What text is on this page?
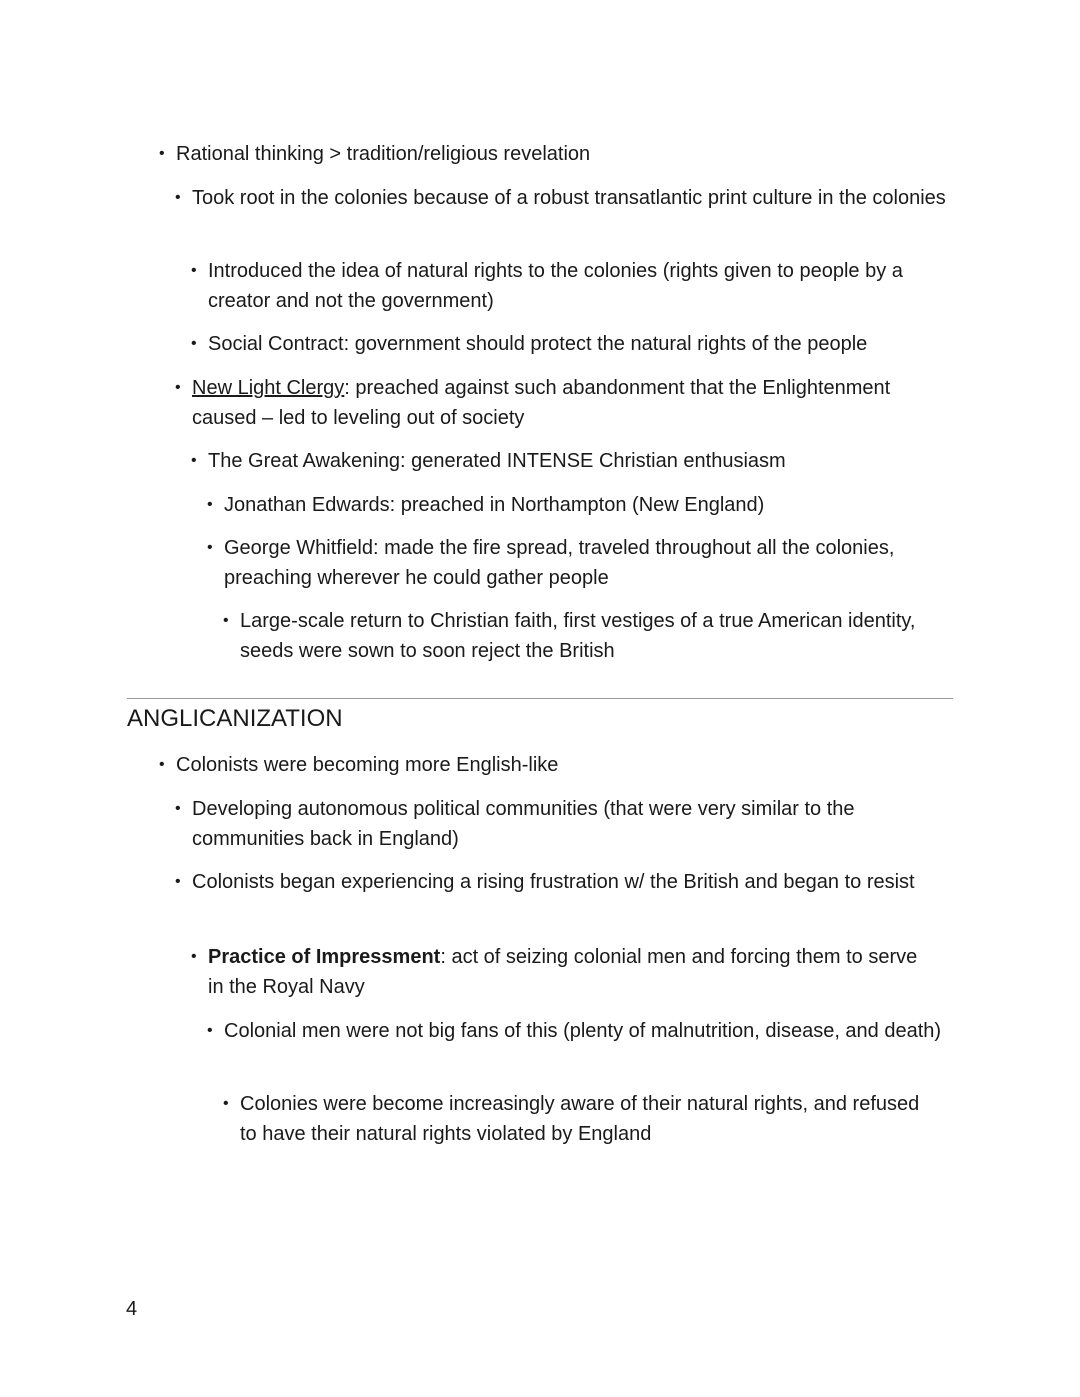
• Rational thinking > tradition/religious revelation
• Took root in the colonies because of a robust transatlantic print culture in the colonies
• Introduced the idea of natural rights to the colonies (rights given to people by a creator and not the government)
• Social Contract: government should protect the natural rights of the people
• New Light Clergy: preached against such abandonment that the Enlightenment caused – led to leveling out of society
• The Great Awakening: generated INTENSE Christian enthusiasm
• Jonathan Edwards: preached in Northampton (New England)
• George Whitfield: made the fire spread, traveled throughout all the colonies, preaching wherever he could gather people
• Large-scale return to Christian faith, first vestiges of a true American identity, seeds were sown to soon reject the British
ANGLICANIZATION
• Colonists were becoming more English-like
• Developing autonomous political communities (that were very similar to the communities back in England)
• Colonists began experiencing a rising frustration w/ the British and began to resist
• Practice of Impressment: act of seizing colonial men and forcing them to serve in the Royal Navy
• Colonial men were not big fans of this (plenty of malnutrition, disease, and death)
• Colonies were become increasingly aware of their natural rights, and refused to have their natural rights violated by England
4
